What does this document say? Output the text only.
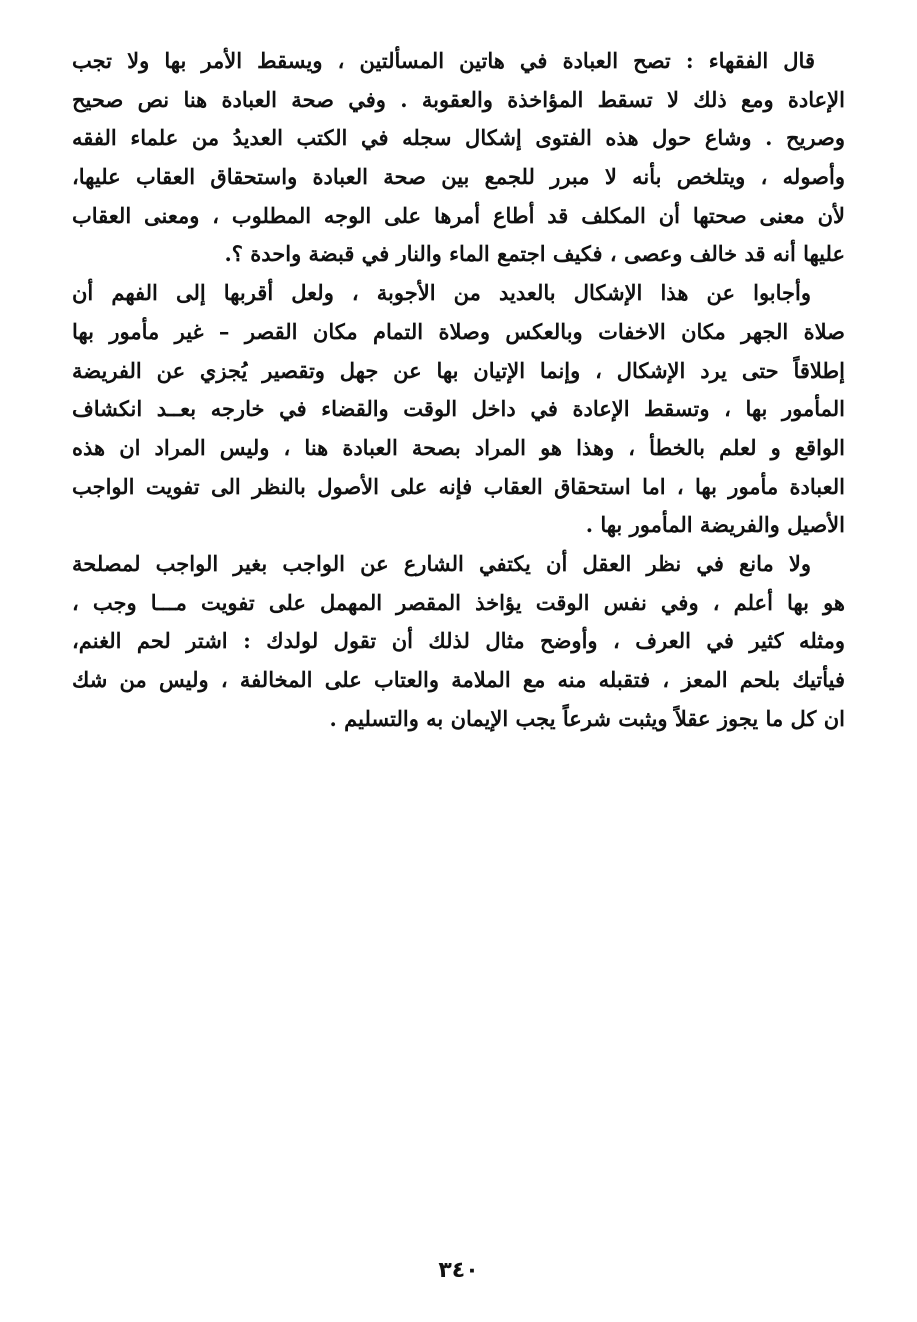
قال الفقهاء : تصح العبادة في هاتين المسألتين ، ويسقط الأمر بها ولا تجب
الإعادة ومع ذلك لا تسقط المؤاخذة والعقوبة . وفي صحة العبادة هنا نص صحيح
وصريح . وشاع حول هذه الفتوى إشكال سجله في الكتب العديدُ من علماء الفقه
وأصوله ، ويتلخص بأنه لا مبرر للجمع بين صحة العبادة واستحقاق العقاب عليها،
لأن معنى صحتها أن المكلف قد أطاع أمرها على الوجه المطلوب ، ومعنى العقاب
عليها أنه قد خالف وعصى ، فكيف اجتمع الماء والنار في قبضة واحدة ؟.
وأجابوا عن هذا الإشكال بالعديد من الأجوبة ، ولعل أقربها إلى الفهم أن
صلاة الجهر مكان الاخفات وبالعكس وصلاة التمام مكان القصر – غير مأمور بها
إطلاقاً حتى يرد الإشكال ، وإنما الإتيان بها عن جهل وتقصير يُجزي عن الفريضة
المأمور بها ، وتسقط الإعادة في داخل الوقت والقضاء في خارجه بعــد انكشاف
الواقع و لعلم بالخطأ ، وهذا هو المراد بصحة العبادة هنا ، وليس المراد ان هذه
العبادة مأمور بها ، اما استحقاق العقاب فإنه على الأصول بالنظر الى تفويت الواجب
الأصيل والفريضة المأمور بها .
ولا مانع في نظر العقل أن يكتفي الشارع عن الواجب بغير الواجب لمصلحة
هو بها أعلم ، وفي نفس الوقت يؤاخذ المقصر المهمل على تفويت مـــا وجب ،
ومثله كثير في العرف ، وأوضح مثال لذلك أن تقول لولدك : اشتر لحم الغنم،
فيأتيك بلحم المعز ، فتقبله منه مع الملامة والعتاب على المخالفة ، وليس من شك
ان كل ما يجوز عقلاً ويثبت شرعاً يجب الإيمان به والتسليم .
٣٤٠
